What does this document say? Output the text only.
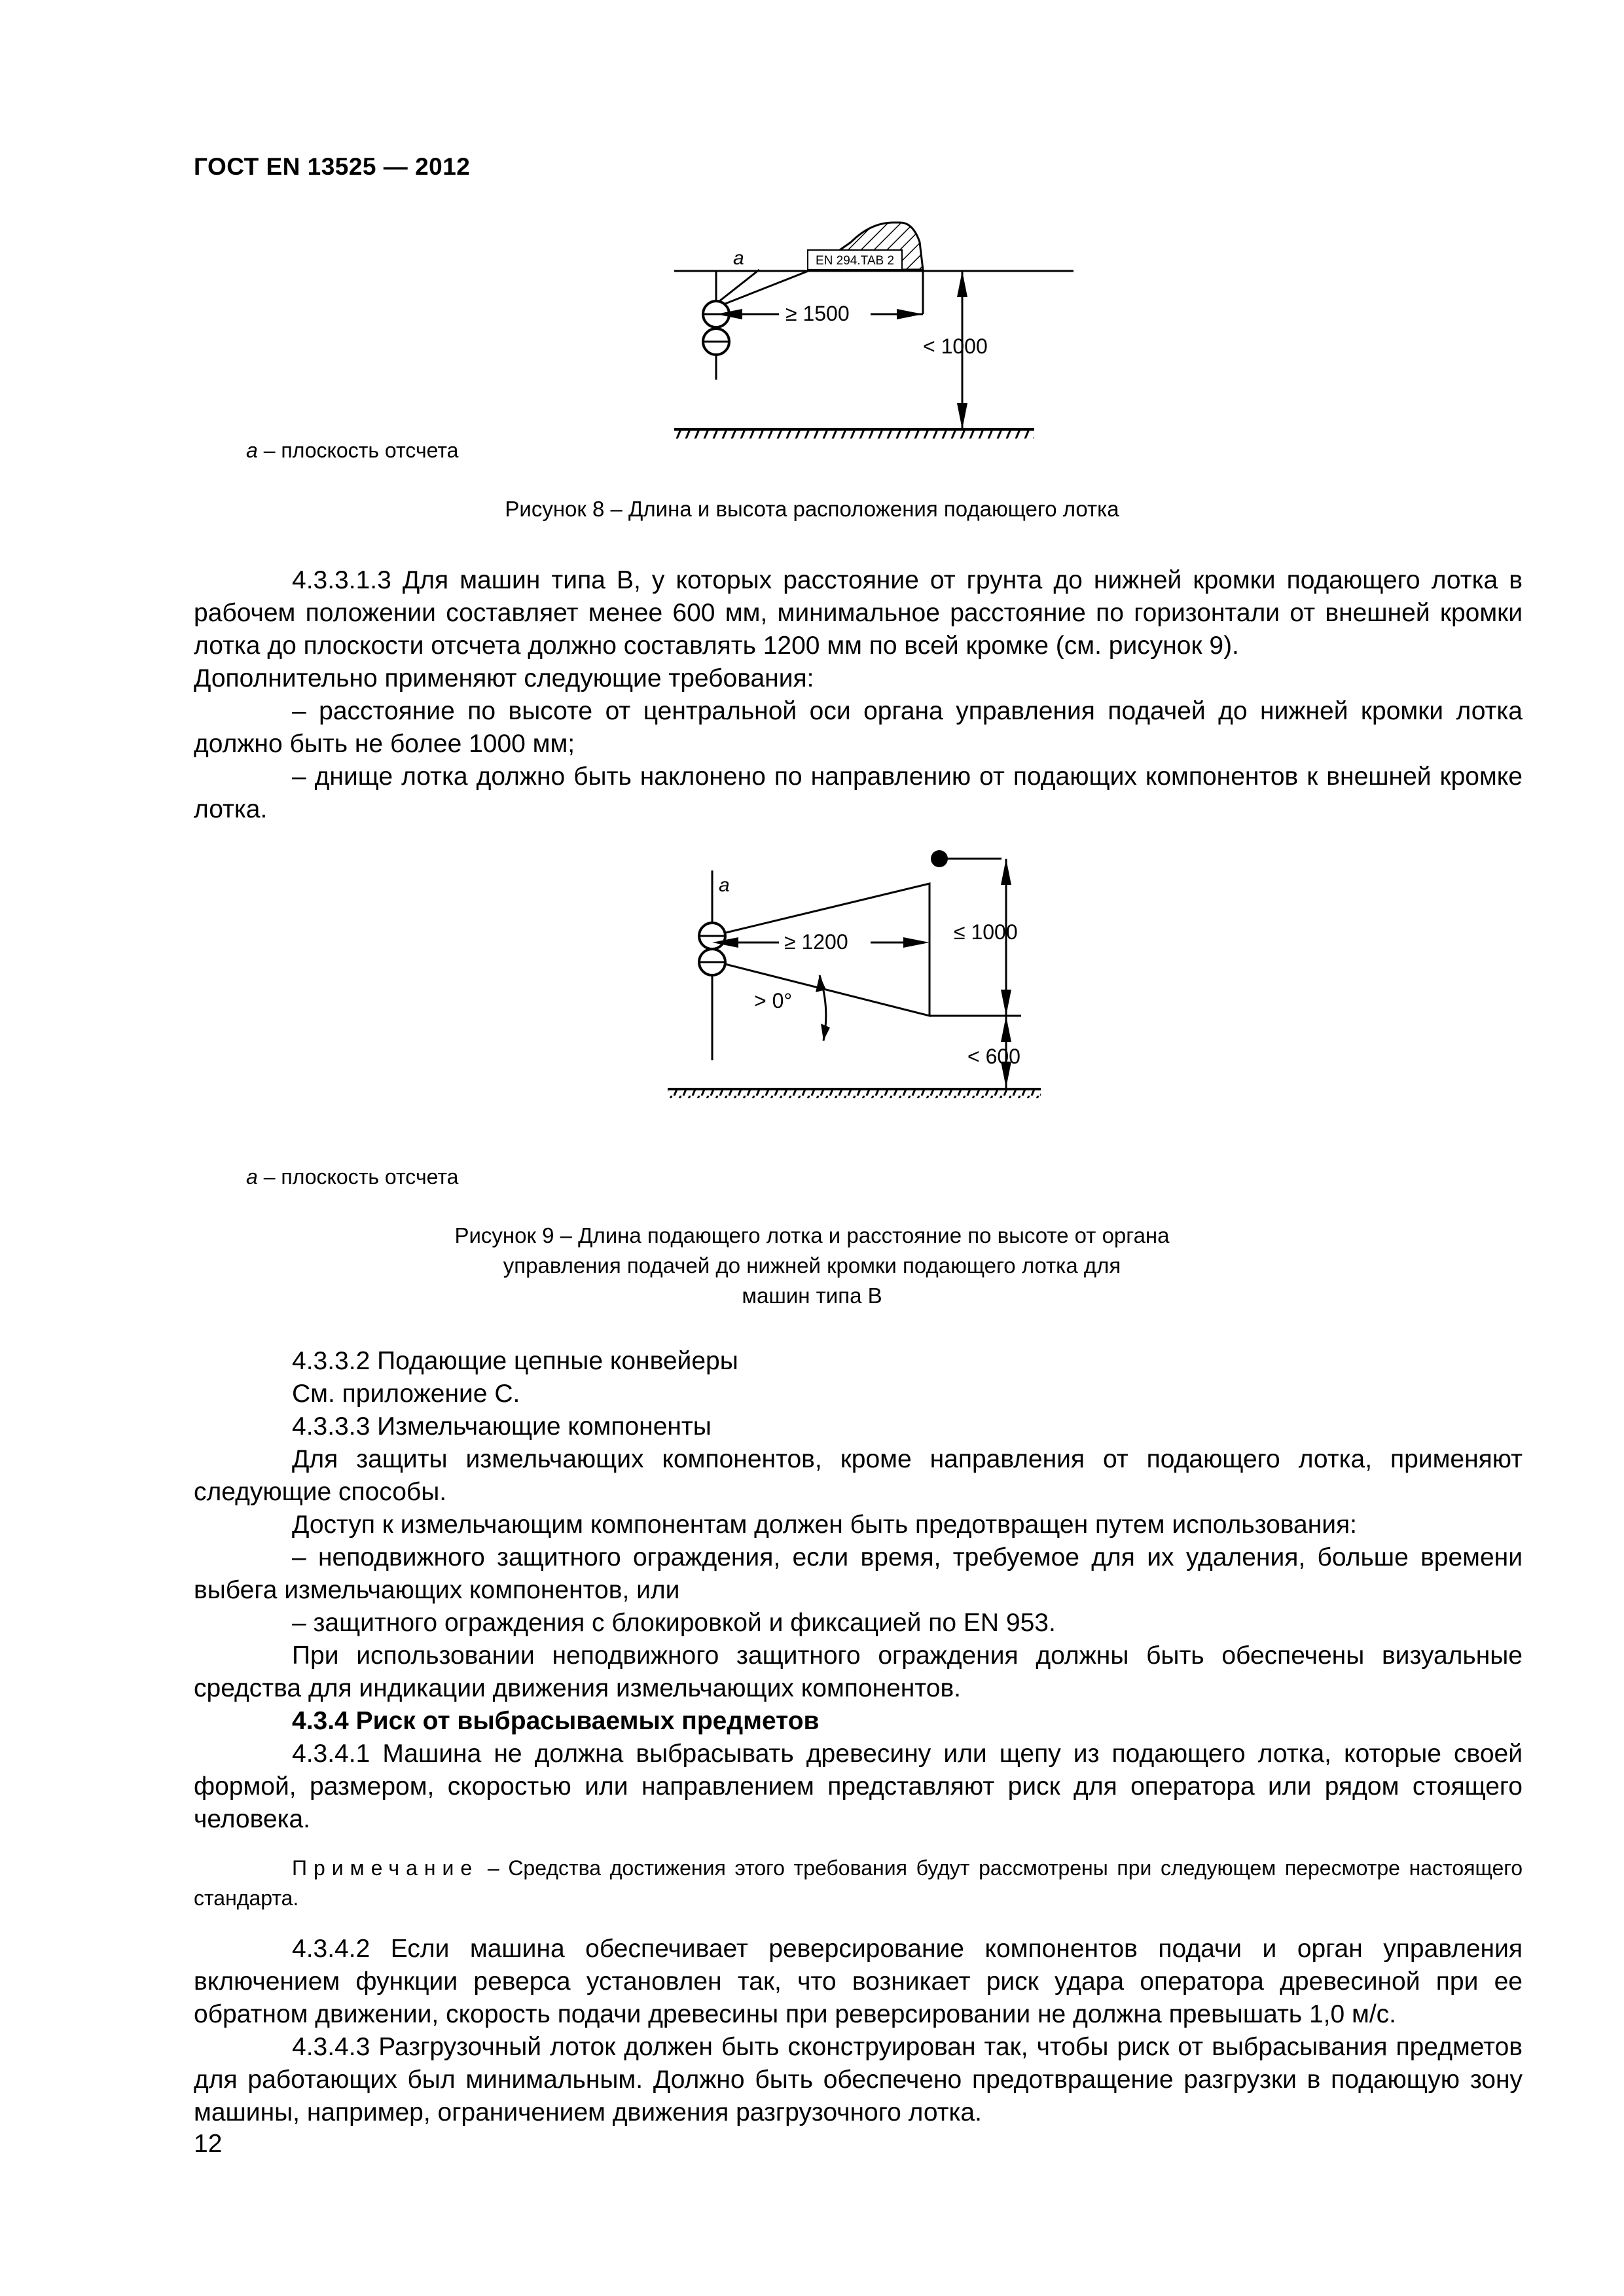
ГОСТ EN 13525 — 2012
EN 294.TAB 2
a
≥ 1500
< 1000
a – плоскость отсчета
Рисунок 8 – Длина и высота расположения подающего лотка

4.3.3.1.3 Для машин типа В, у которых расстояние от грунта до нижней кромки подающего лотка в рабочем положении составляет менее 600 мм, минимальное расстояние по горизонтали от внешней кромки лотка до плоскости отсчета должно составлять 1200 мм по всей кромке (см. рисунок 9).

Дополнительно применяют следующие требования:

– расстояние по высоте от центральной оси органа управления подачей до нижней кромки лотка должно быть не более 1000 мм;

– днище лотка должно быть наклонено по направлению от подающих компонентов к внешней кромке лотка.

a
≥ 1200	≤ 1000
< 600
> 0°
a – плоскость отсчета
Рисунок 9 – Длина подающего лотка и расстояние по высоте от органа
управления подачей до нижней кромки подающего лотка для
машин типа В

4.3.3.2 Подающие цепные конвейеры

См. приложение С.

4.3.3.3 Измельчающие компоненты

Для защиты измельчающих компонентов, кроме направления от подающего лотка, применяют следующие способы.

Доступ к измельчающим компонентам должен быть предотвращен путем использования:

– неподвижного защитного ограждения, если время, требуемое для их удаления, больше времени выбега измельчающих компонентов, или

– защитного ограждения с блокировкой и фиксацией по EN 953.

При использовании неподвижного защитного ограждения должны быть обеспечены визуальные средства для индикации движения измельчающих компонентов.

4.3.4 Риск от выбрасываемых предметов

4.3.4.1 Машина не должна выбрасывать древесину или щепу из подающего лотка, которые своей формой, размером, скоростью или направлением представляют риск для оператора или рядом стоящего человека.

Примечание – Средства достижения этого требования будут рассмотрены при следующем пересмотре настоящего стандарта.

4.3.4.2 Если машина обеспечивает реверсирование компонентов подачи и орган управления включением функции реверса установлен так, что возникает риск удара оператора древесиной при ее обратном движении, скорость подачи древесины при реверсировании не должна превышать 1,0 м/с.

4.3.4.3 Разгрузочный лоток должен быть сконструирован так, чтобы риск от выбрасывания предметов для работающих был минимальным. Должно быть обеспечено предотвращение разгрузки в подающую зону машины, например, ограничением движения разгрузочного лотка.

12
